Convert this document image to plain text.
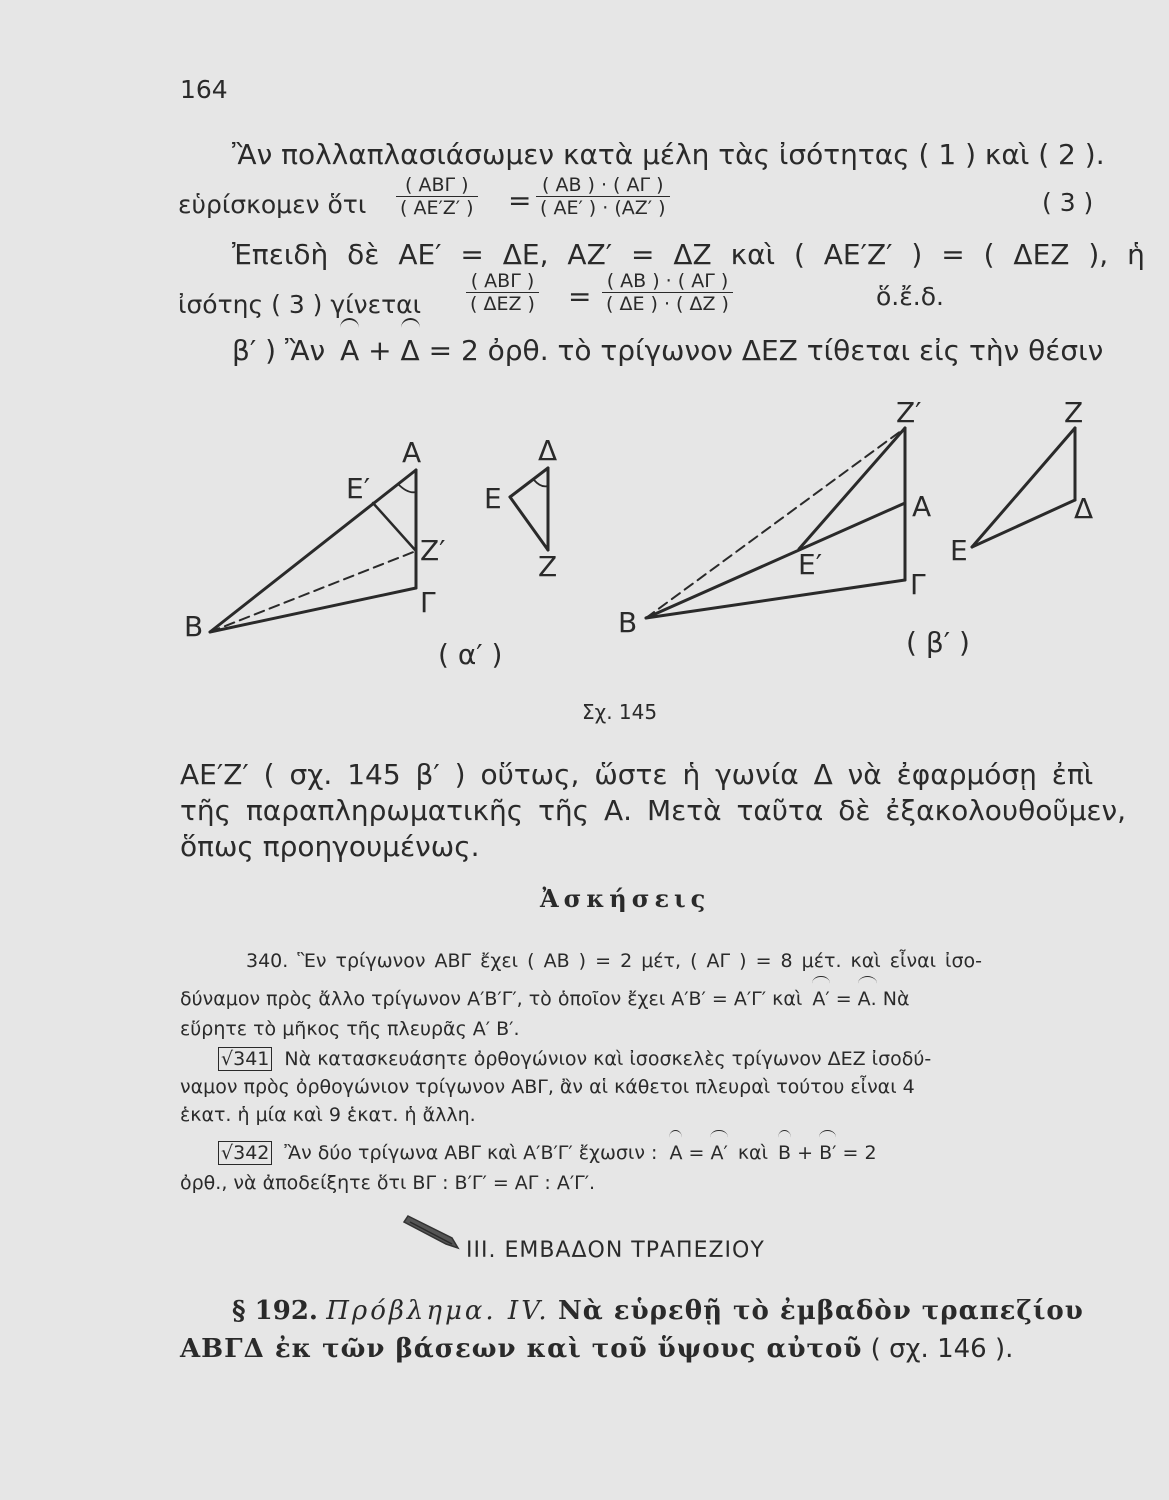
164
Ἂν πολλαπλασιάσωμεν κατὰ μέλη τὰς ἰσότητας ( 1 ) καὶ ( 2 ).
εὑρίσκομεν ὅτι
( ΑΒΓ )
( ΑΕ′Ζ′ ) = $\frac{( AB ) \cdot ( A\Gamma )}{( AE' ) \cdot (AZ' )}$	( 3 )
Ἐπειδὴ δὲ ΑΕ′ = ΔΕ, ΑΖ′ = ΔΖ καὶ ( ΑΕ′Ζ′ ) = ( ΔΕΖ ), ἡ
ἰσότης ( 3 ) γίνεται
( ΑΒΓ )
( ΔΕΖ ) = $\frac{( AB ) \cdot ( A\Gamma )}{( \Delta E ) \cdot ( \Delta Z )}$	ὅ.ἔ.δ.
β′ ) Ἂν Α + Δ = 2 ὀρθ. τὸ τρίγωνον ΔΕΖ τίθεται εἰς τὴν θέσιν
Α
Ε′
Ζ′
Β
Γ
Δ
Ε
Ζ
Ζ′
Α
Ε′
Β
Γ
Ζ
Δ
Ε
( α′ )	( β′ )
Σχ. 145
ΑΕ′Ζ′ ( σχ. 145 β′ ) οὕτως, ὥστε ἡ γωνία Δ νὰ ἐφαρμόσῃ ἐπὶ
τῆς παραπληρωματικῆς τῆς Α. Μετὰ ταῦτα δὲ ἐξακολουθοῦμεν,
ὅπως προηγουμένως.
Ἀσκήσεις
340. Ἓν τρίγωνον ΑΒΓ ἔχει ( ΑΒ ) = 2 μέτ, ( ΑΓ ) = 8 μέτ. καὶ εἶναι ἰσο-
δύναμον πρὸς ἄλλο τρίγωνον Α′Β′Γ′, τὸ ὁποῖον ἔχει Α′Β′ = Α′Γ′ καὶ Α′ = Α. Νὰ
εὕρητε τὸ μῆκος τῆς πλευρᾶς Α′ Β′.
√341 Νὰ κατασκευάσητε ὀρθογώνιον καὶ ἰσοσκελὲς τρίγωνον ΔΕΖ ἰσοδύ-
ναμον πρὸς ὀρθογώνιον τρίγωνον ΑΒΓ, ἂν αἱ κάθετοι πλευραὶ τούτου εἶναι 4
ἑκατ. ἡ μία καὶ 9 ἑκατ. ἡ ἄλλη.
√342 Ἂν δύο τρίγωνα ΑΒΓ καὶ Α′Β′Γ′ ἔχωσιν : Α = Α′ καὶ Β + Β′ = 2
ὀρθ., νὰ ἀποδείξητε ὅτι ΒΓ : Β′Γ′ = ΑΓ : Α′Γ′.
ΙΙΙ. ΕΜΒΑΔΟΝ ΤΡΑΠΕΖΙΟΥ
§ 192. Πρόβλημα. IV. Νὰ εὑρεθῇ τὸ ἐμβαδὸν τραπεζίου
ΑΒΓΔ ἐκ τῶν βάσεων καὶ τοῦ ὕψους αὐτοῦ ( σχ. 146 ).
